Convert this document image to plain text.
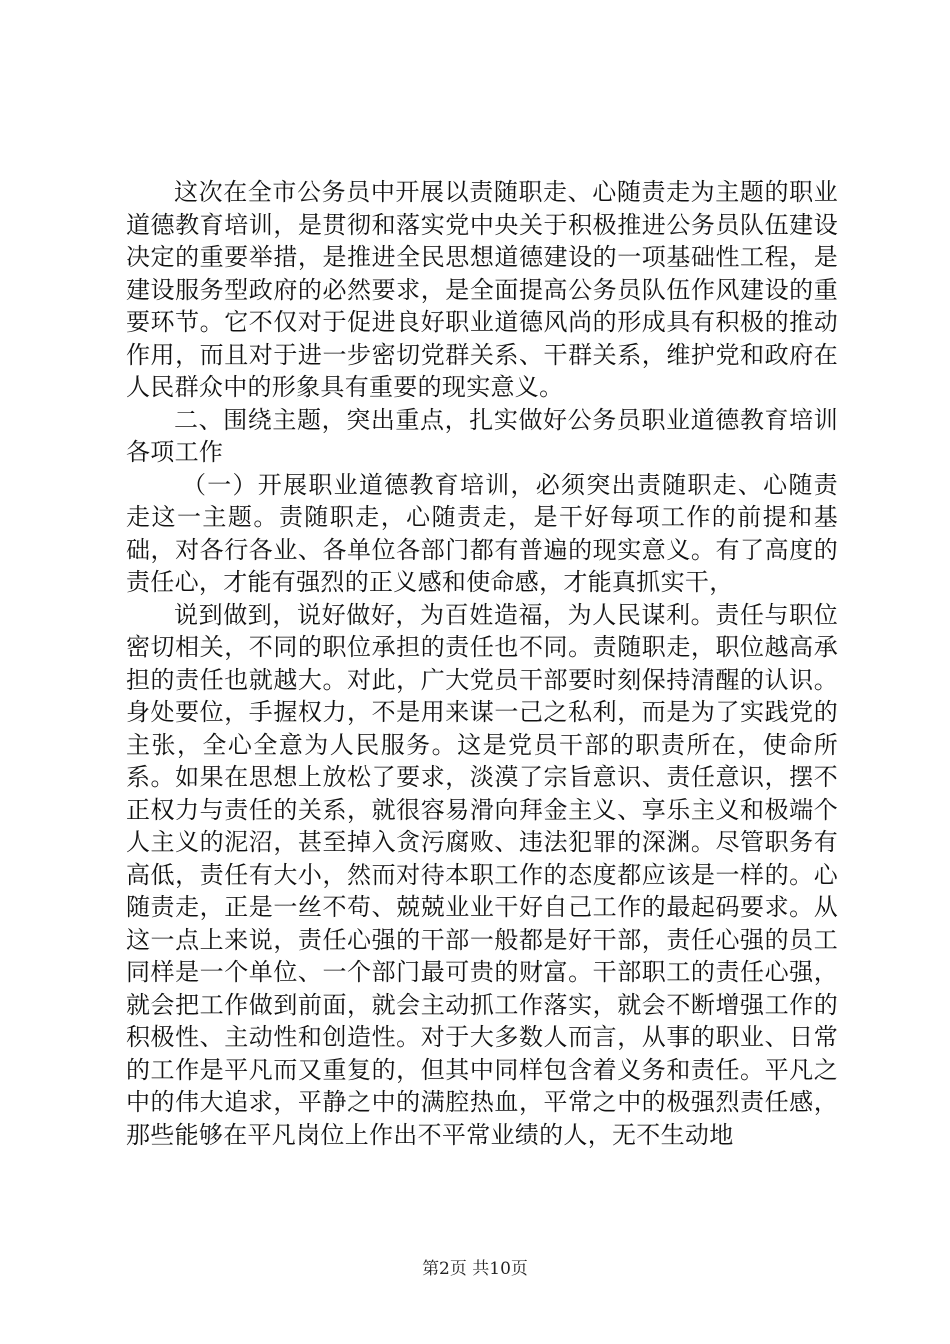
这次在全市公务员中开展以责随职走、心随责走为主题的职业道德教育培训，是贯彻和落实党中央关于积极推进公务员队伍建设决定的重要举措，是推进全民思想道德建设的一项基础性工程，是建设服务型政府的必然要求，是全面提高公务员队伍作风建设的重要环节。它不仅对于促进良好职业道德风尚的形成具有积极的推动作用，而且对于进一步密切党群关系、干群关系，维护党和政府在人民群众中的形象具有重要的现实意义。

二、围绕主题，突出重点，扎实做好公务员职业道德教育培训各项工作

（一）开展职业道德教育培训，必须突出责随职走、心随责走这一主题。责随职走，心随责走，是干好每项工作的前提和基础，对各行各业、各单位各部门都有普遍的现实意义。有了高度的责任心，才能有强烈的正义感和使命感，才能真抓实干，

说到做到，说好做好，为百姓造福，为人民谋利。责任与职位密切相关，不同的职位承担的责任也不同。责随职走，职位越高承担的责任也就越大。对此，广大党员干部要时刻保持清醒的认识。身处要位，手握权力，不是用来谋一己之私利，而是为了实践党的主张，全心全意为人民服务。这是党员干部的职责所在，使命所系。如果在思想上放松了要求，淡漠了宗旨意识、责任意识，摆不正权力与责任的关系，就很容易滑向拜金主义、享乐主义和极端个人主义的泥沼，甚至掉入贪污腐败、违法犯罪的深渊。尽管职务有高低，责任有大小，然而对待本职工作的态度都应该是一样的。心随责走，正是一丝不苟、兢兢业业干好自己工作的最起码要求。从这一点上来说，责任心强的干部一般都是好干部，责任心强的员工同样是一个单位、一个部门最可贵的财富。干部职工的责任心强，就会把工作做到前面，就会主动抓工作落实，就会不断增强工作的积极性、主动性和创造性。对于大多数人而言，从事的职业、日常的工作是平凡而又重复的，但其中同样包含着义务和责任。平凡之中的伟大追求，平静之中的满腔热血，平常之中的极强烈责任感，那些能够在平凡岗位上作出不平常业绩的人，无不生动地

第2页 共10页
